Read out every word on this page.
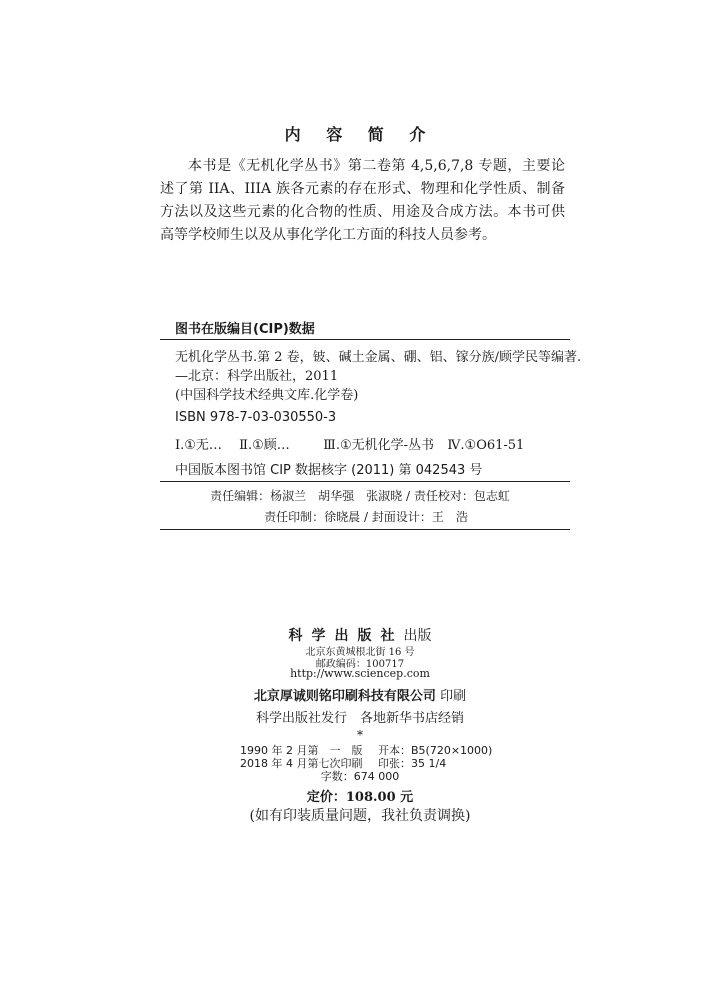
内 容 简 介
本书是《无机化学丛书》第二卷第 4,5,6,7,8 专题，主要论述了第 IIA、IIIA 族各元素的存在形式、物理和化学性质、制备方法以及这些元素的化合物的性质、用途及合成方法。本书可供高等学校师生以及从事化学化工方面的科技人员参考。
图书在版编目(CIP)数据
无机化学丛书.第 2 卷，铍、碱土金属、硼、铝、镓分族/顾学民等编著.
—北京：科学出版社，2011
(中国科学技术经典文库.化学卷)
ISBN 978-7-03-030550-3
Ⅰ.①无… Ⅱ.①顾…	Ⅲ.①无机化学-丛书 Ⅳ.①O61-51
中国版本图书馆 CIP 数据核字 (2011) 第 042543 号
责任编辑：杨淑兰　胡华强　张淑晓 / 责任校对：包志虹
责任印制：徐晓晨 / 封面设计：王　浩
科学出版社出版
北京东黄城根北街 16 号
邮政编码：100717
http://www.sciencep.com
北京厚诚则铭印刷科技有限公司 印刷
科学出版社发行　各地新华书店经销
*
1990 年 2 月第　一　版 开本：B5(720×1000)
2018 年 4 月第七次印刷 印张：35 1/4
字数：674 000
定价：108.00 元
(如有印装质量问题，我社负责调换)
